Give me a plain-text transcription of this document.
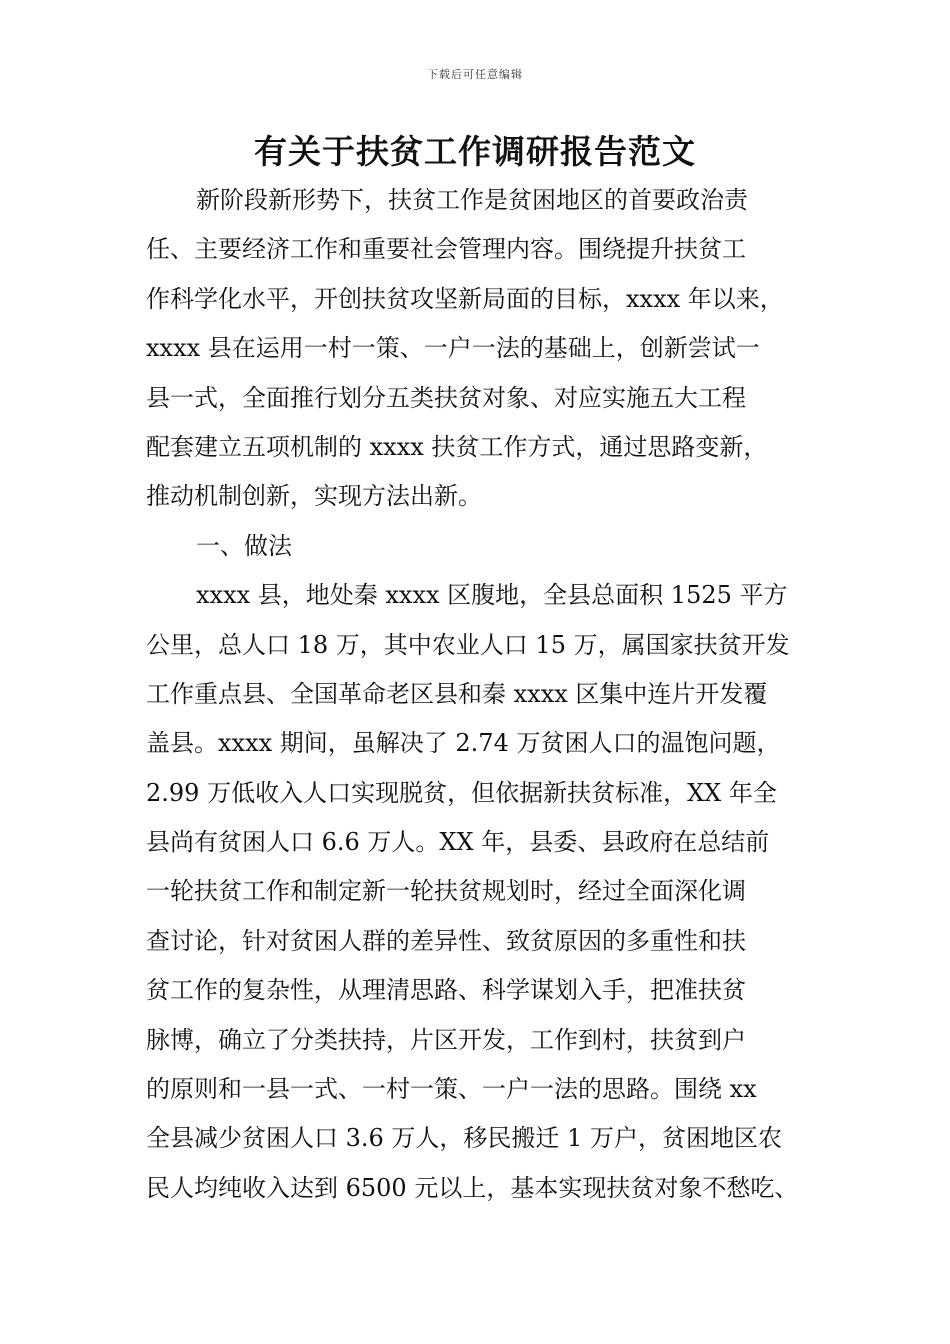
下载后可任意编辑
有关于扶贫工作调研报告范文
新阶段新形势下，扶贫工作是贫困地区的首要政治责
任、主要经济工作和重要社会管理内容。围绕提升扶贫工
作科学化水平，开创扶贫攻坚新局面的目标，xxxx 年以来，
xxxx 县在运用一村一策、一户一法的基础上，创新尝试一
县一式，全面推行划分五类扶贫对象、对应实施五大工程
配套建立五项机制的 xxxx 扶贫工作方式，通过思路变新，
推动机制创新，实现方法出新。
一、做法
xxxx 县，地处秦 xxxx 区腹地，全县总面积 1525 平方
公里，总人口 18 万，其中农业人口 15 万，属国家扶贫开发
工作重点县、全国革命老区县和秦 xxxx 区集中连片开发覆
盖县。xxxx 期间，虽解决了 2.74 万贫困人口的温饱问题，
2.99 万低收入人口实现脱贫，但依据新扶贫标准，XX 年全
县尚有贫困人口 6.6 万人。XX 年，县委、县政府在总结前
一轮扶贫工作和制定新一轮扶贫规划时，经过全面深化调
查讨论，针对贫困人群的差异性、致贫原因的多重性和扶
贫工作的复杂性，从理清思路、科学谋划入手，把准扶贫
脉博，确立了分类扶持，片区开发，工作到村，扶贫到户
的原则和一县一式、一村一策、一户一法的思路。围绕 xx
全县减少贫困人口 3.6 万人，移民搬迁 1 万户，贫困地区农
民人均纯收入达到 6500 元以上，基本实现扶贫对象不愁吃、
